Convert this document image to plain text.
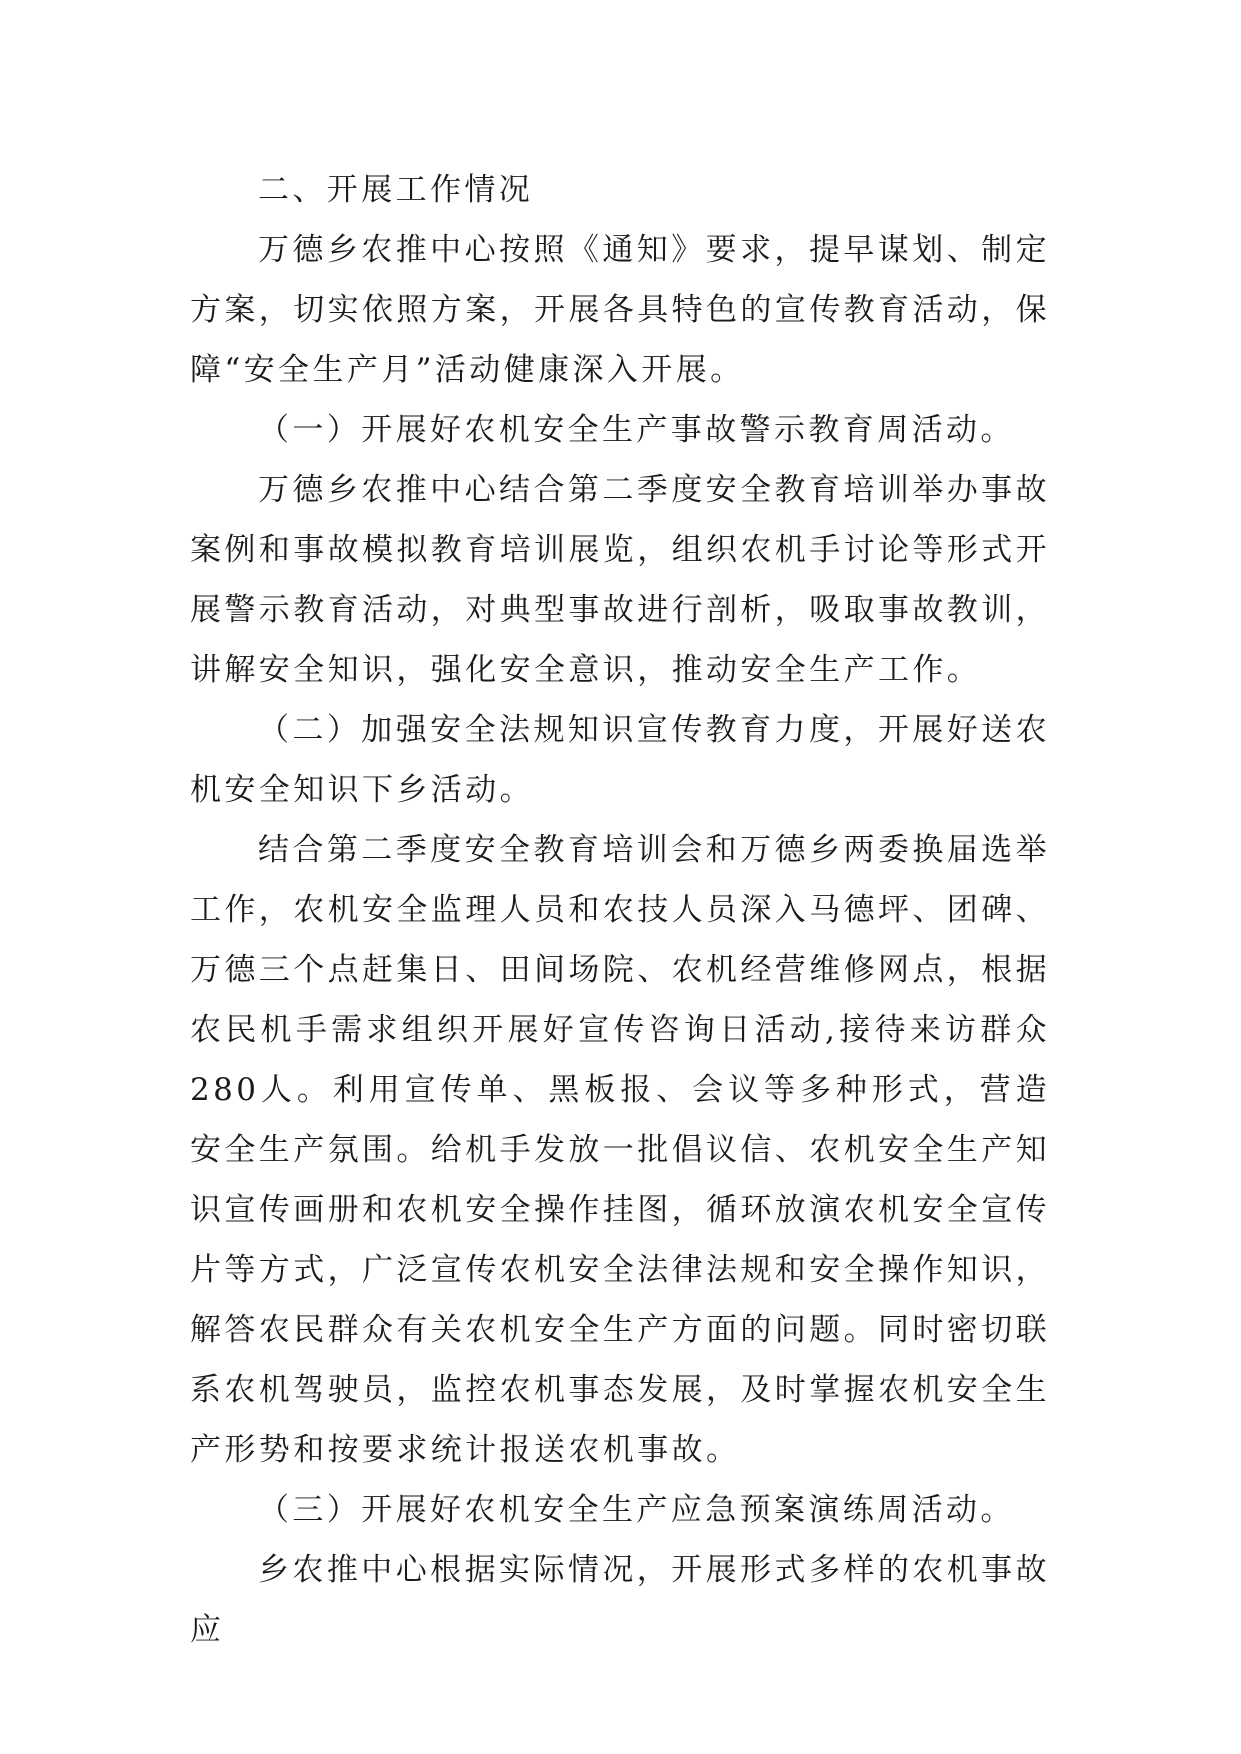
二、开展工作情况

万德乡农推中心按照《通知》要求，提早谋划、制定方案，切实依照方案，开展各具特色的宣传教育活动，保障“安全生产月”活动健康深入开展。

（一）开展好农机安全生产事故警示教育周活动。

万德乡农推中心结合第二季度安全教育培训举办事故案例和事故模拟教育培训展览，组织农机手讨论等形式开展警示教育活动，对典型事故进行剖析，吸取事故教训，讲解安全知识，强化安全意识，推动安全生产工作。

（二）加强安全法规知识宣传教育力度，开展好送农机安全知识下乡活动。

结合第二季度安全教育培训会和万德乡两委换届选举工作，农机安全监理人员和农技人员深入马德坪、团碑、万德三个点赶集日、田间场院、农机经营维修网点，根据农民机手需求组织开展好宣传咨询日活动,接待来访群众280人。利用宣传单、黑板报、会议等多种形式，营造安全生产氛围。给机手发放一批倡议信、农机安全生产知识宣传画册和农机安全操作挂图，循环放演农机安全宣传片等方式，广泛宣传农机安全法律法规和安全操作知识，解答农民群众有关农机安全生产方面的问题。同时密切联系农机驾驶员，监控农机事态发展，及时掌握农机安全生产形势和按要求统计报送农机事故。

（三）开展好农机安全生产应急预案演练周活动。

乡农推中心根据实际情况，开展形式多样的农机事故应
